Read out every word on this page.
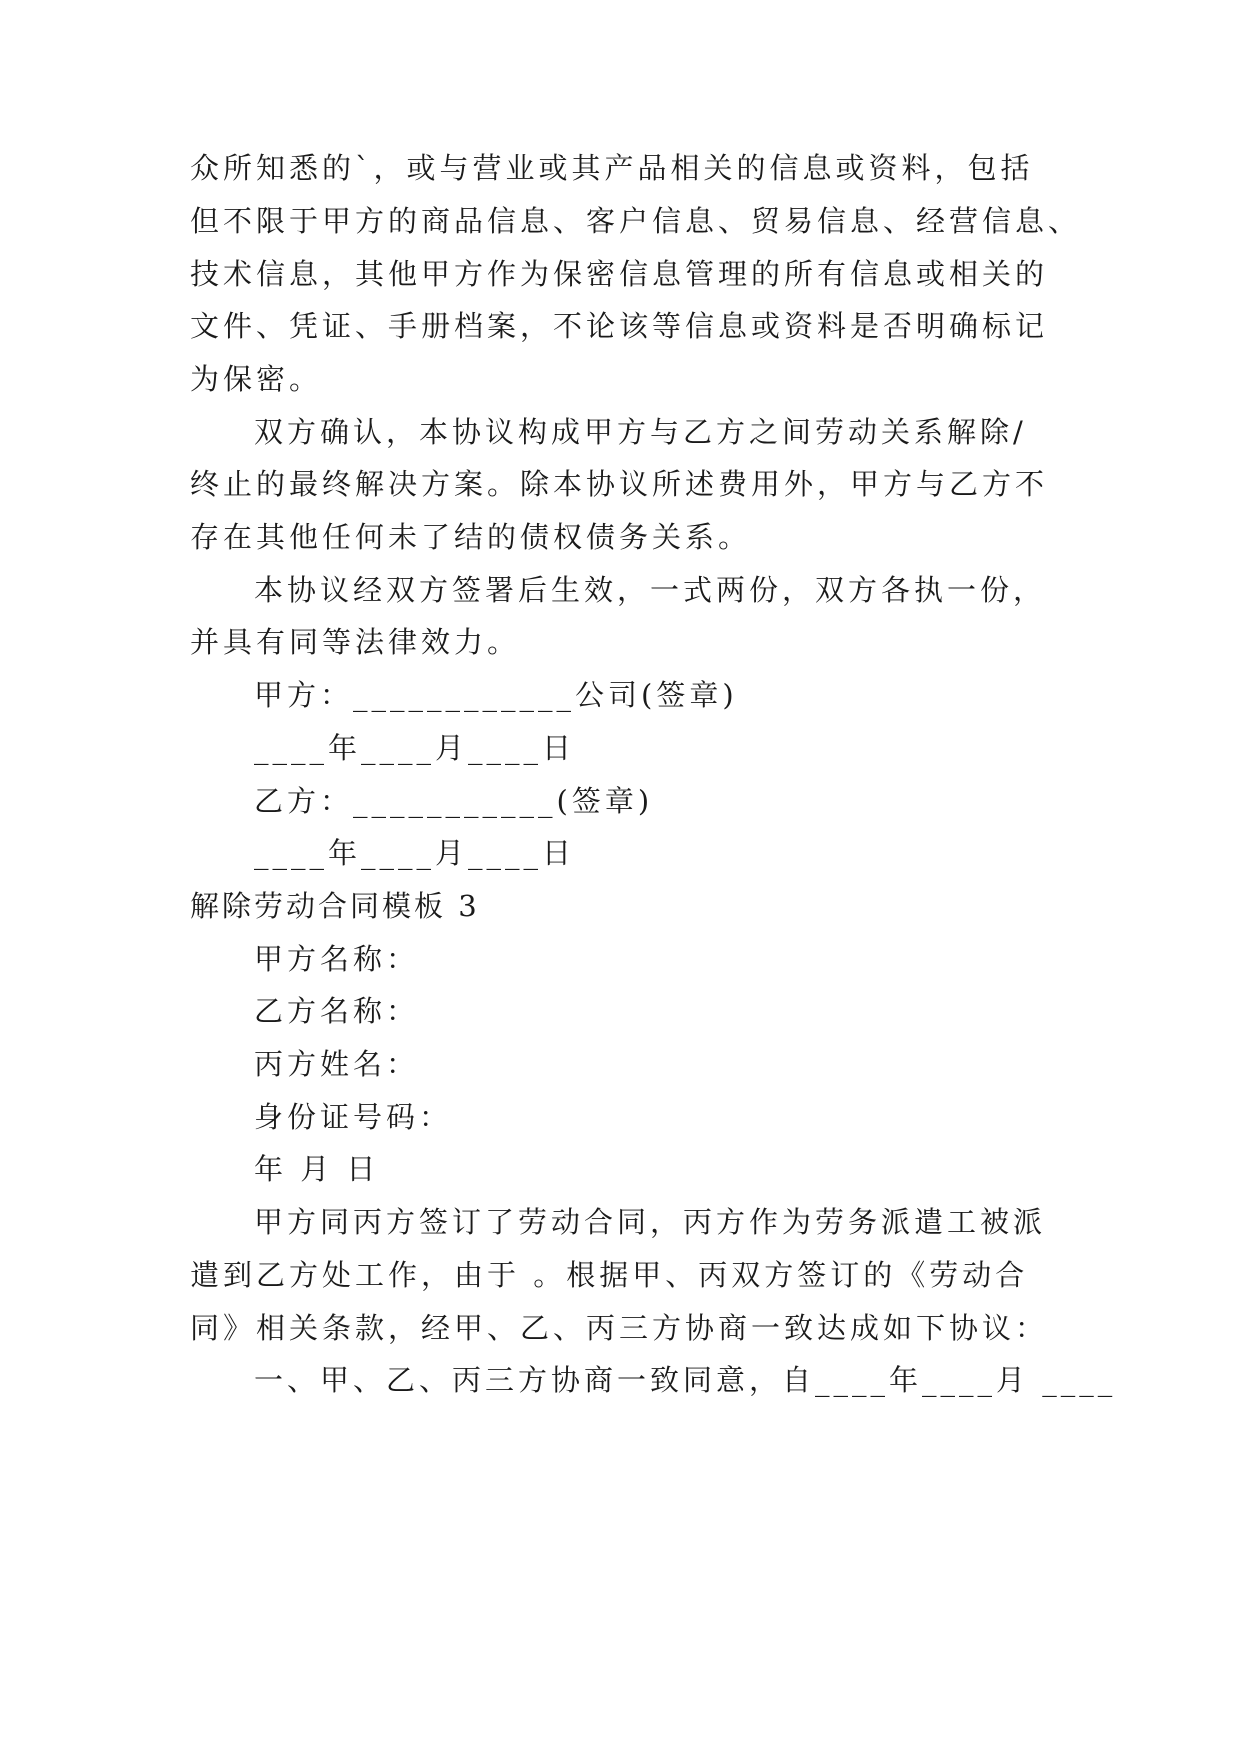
众所知悉的`，或与营业或其产品相关的信息或资料，包括
但不限于甲方的商品信息、客户信息、贸易信息、经营信息、
技术信息，其他甲方作为保密信息管理的所有信息或相关的
文件、凭证、手册档案，不论该等信息或资料是否明确标记
为保密。
双方确认，本协议构成甲方与乙方之间劳动关系解除/
终止的最终解决方案。除本协议所述费用外，甲方与乙方不
存在其他任何未了结的债权债务关系。
本协议经双方签署后生效，一式两份，双方各执一份，
并具有同等法律效力。
甲方：____________公司(签章)
____年____月____日
乙方：___________(签章)
____年____月____日
解除劳动合同模板 3
甲方名称：
乙方名称：
丙方姓名：
身份证号码：
年 月 日
甲方同丙方签订了劳动合同，丙方作为劳务派遣工被派
遣到乙方处工作，由于 。根据甲、丙双方签订的《劳动合
同》相关条款，经甲、乙、丙三方协商一致达成如下协议：
一、甲、乙、丙三方协商一致同意，自____年____月 ____
